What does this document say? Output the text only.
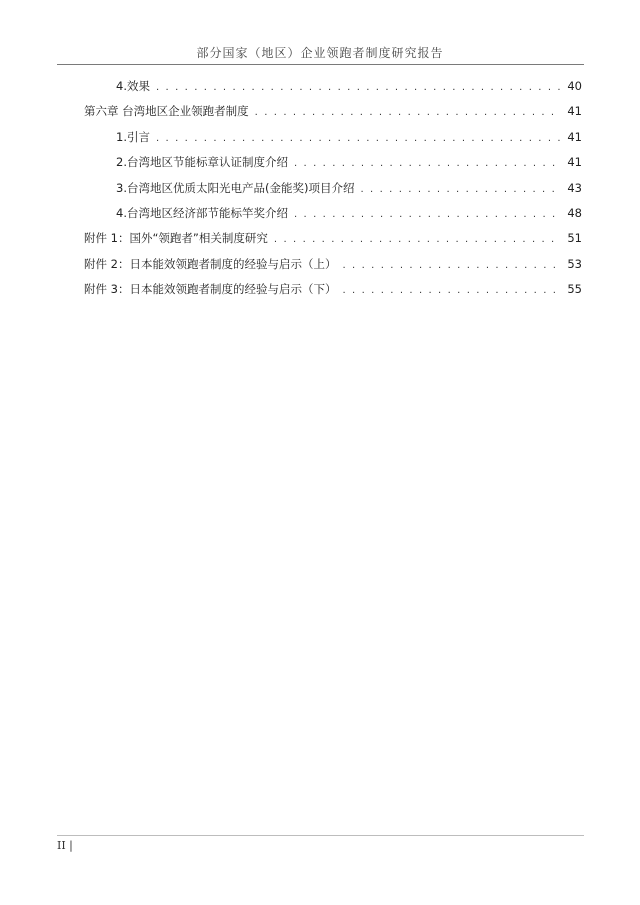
部分国家（地区）企业领跑者制度研究报告
4. 效果 . . .	40
第六章 台湾地区企业领跑者制度 . . .	41
1. 引言 . . .	41
2. 台湾地区节能标章认证制度介绍 . . .	41
3. 台湾地区优质太阳光电产品(金能奖)项目介绍 . . .	43
4. 台湾地区经济部节能标竿奖介绍 . . .	48
附件 1：国外“领跑者”相关制度研究 . . .	51
附件 2：日本能效领跑者制度的经验与启示（上） . . .	53
附件 3：日本能效领跑者制度的经验与启示（下） . . .	55
II |
